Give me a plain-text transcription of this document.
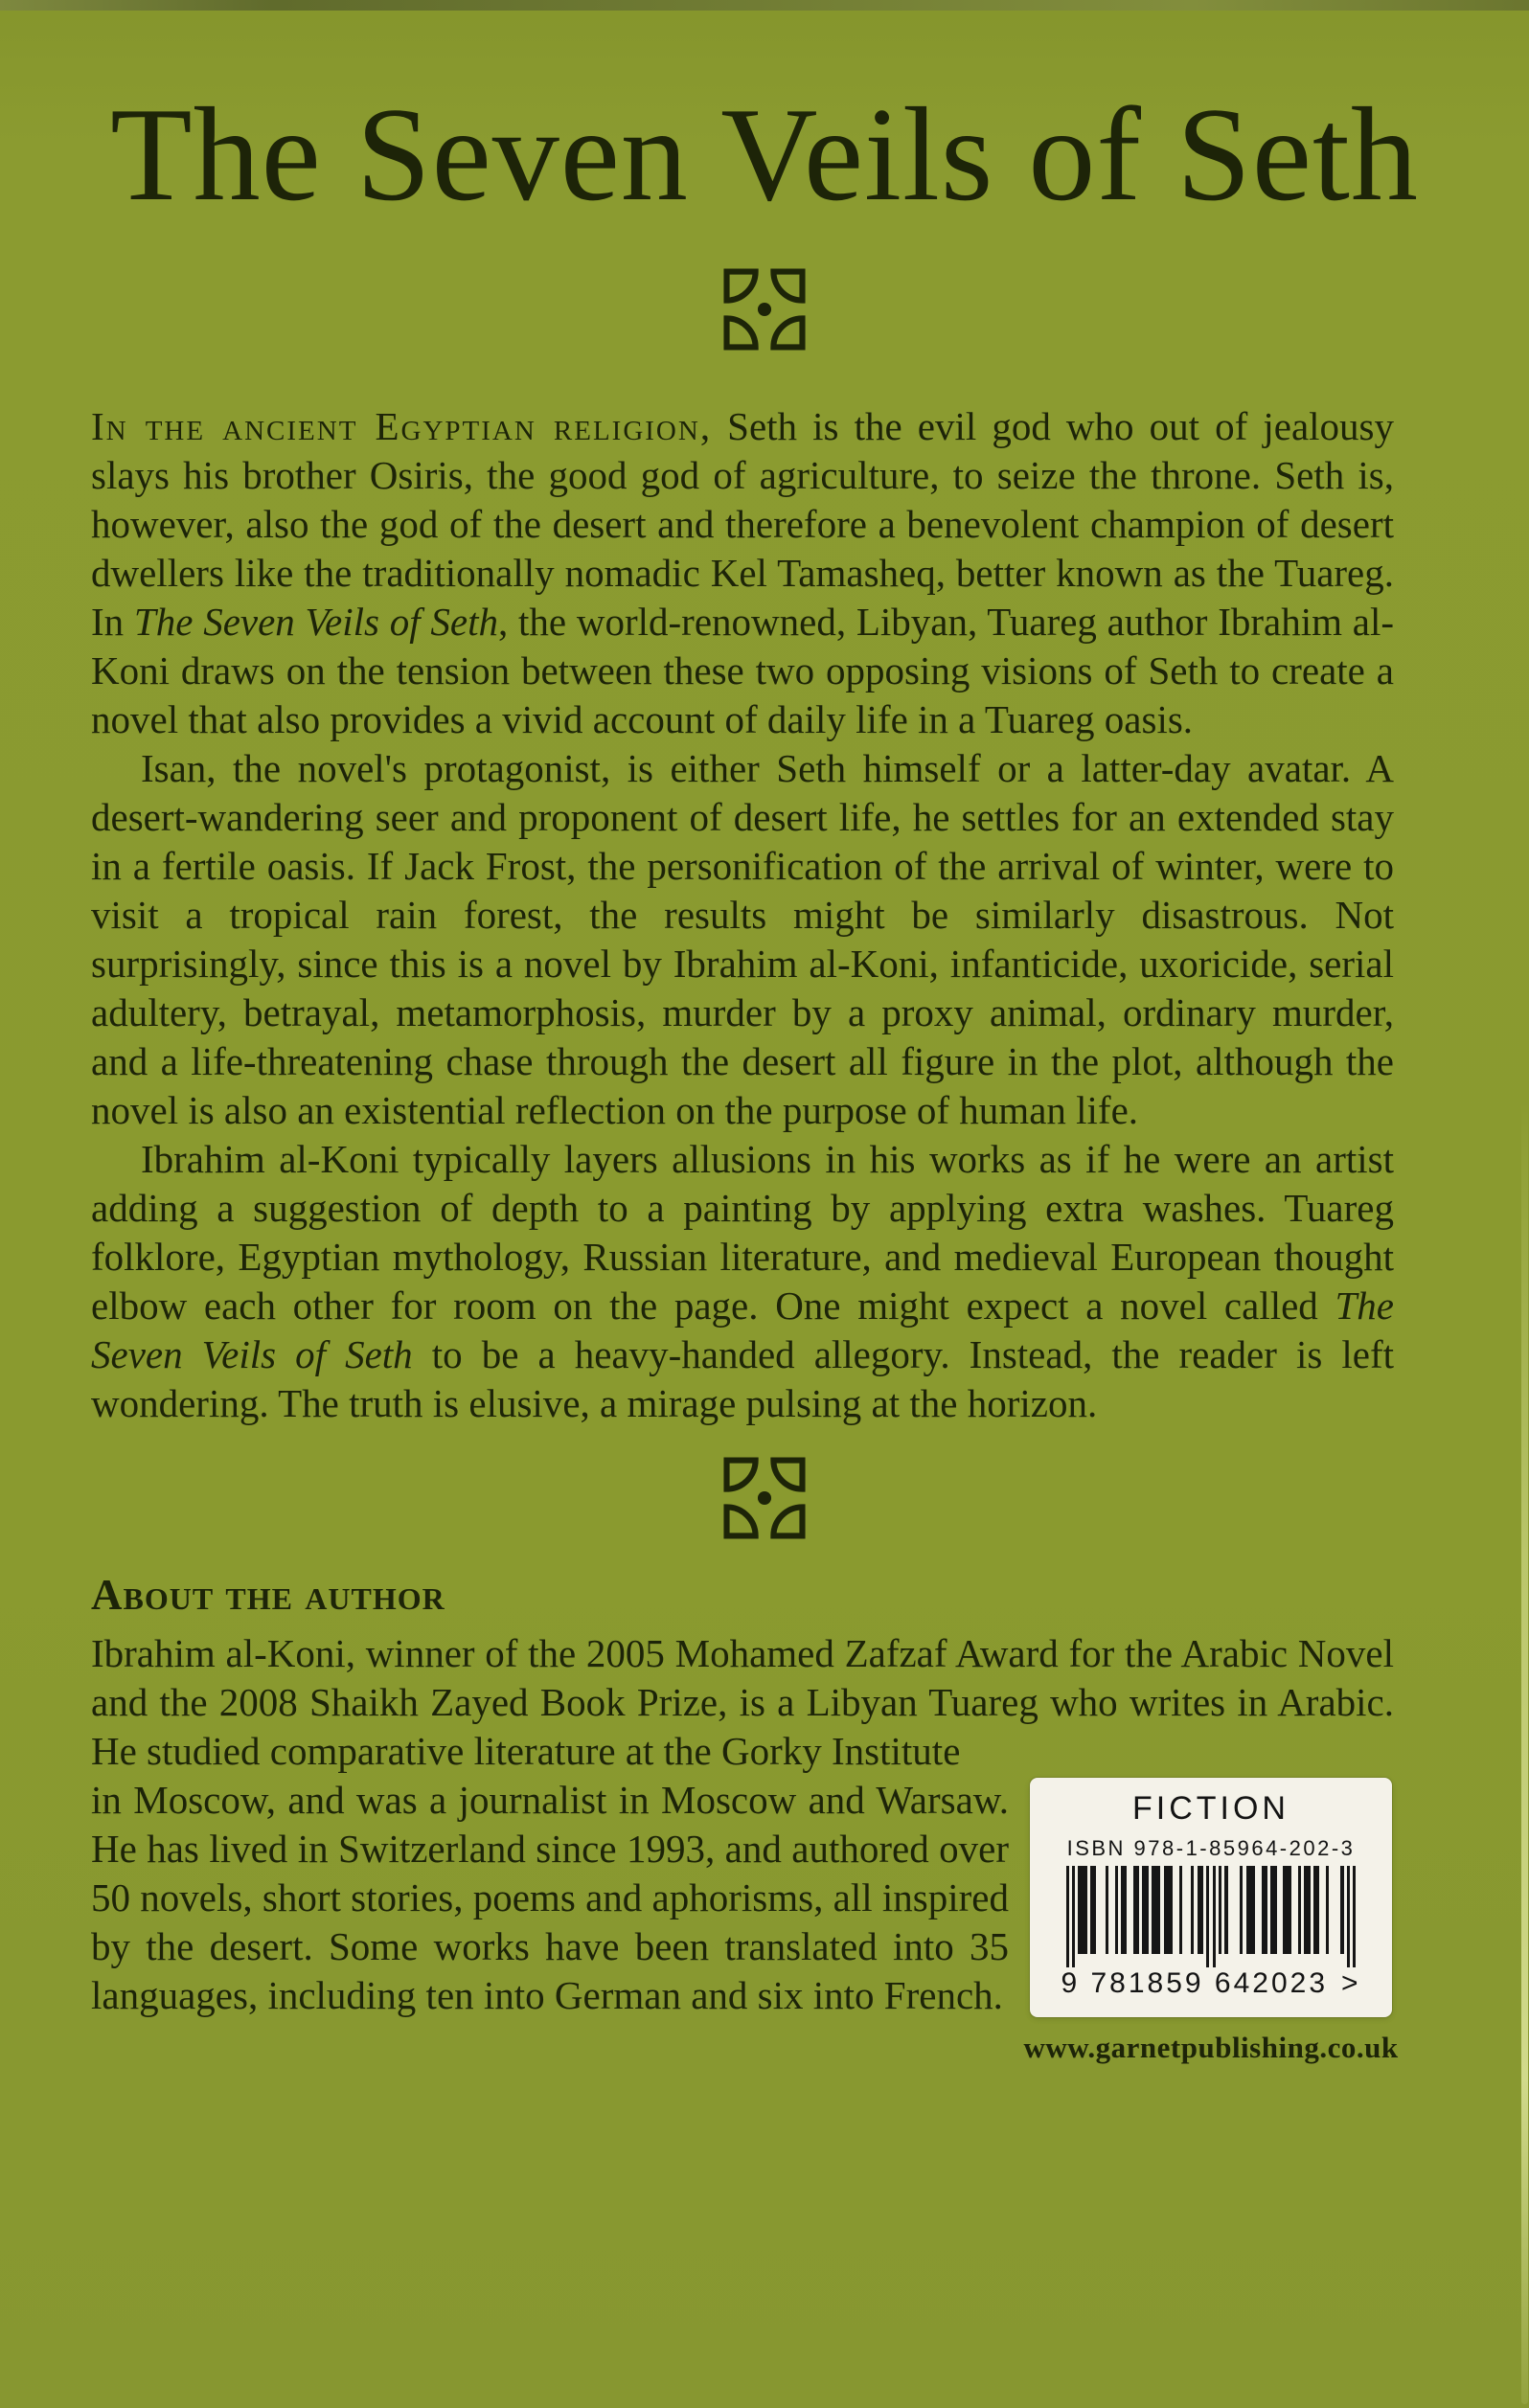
The Seven Veils of Seth

In the ancient Egyptian religion, Seth is the evil god who out of jealousy slays his brother Osiris, the good god of agriculture, to seize the throne. Seth is, however, also the god of the desert and therefore a benevolent champion of desert dwellers like the traditionally nomadic Kel Tamasheq, better known as the Tuareg. In The Seven Veils of Seth, the world-renowned, Libyan, Tuareg author Ibrahim al-Koni draws on the tension between these two opposing visions of Seth to create a novel that also provides a vivid account of daily life in a Tuareg oasis.

Isan, the novel's protagonist, is either Seth himself or a latter-day avatar. A desert-wandering seer and proponent of desert life, he settles for an extended stay in a fertile oasis. If Jack Frost, the personification of the arrival of winter, were to visit a tropical rain forest, the results might be similarly disastrous. Not surprisingly, since this is a novel by Ibrahim al-Koni, infanticide, uxoricide, serial adultery, betrayal, metamorphosis, murder by a proxy animal, ordinary murder, and a life-threatening chase through the desert all figure in the plot, although the novel is also an existential reflection on the purpose of human life.

Ibrahim al-Koni typically layers allusions in his works as if he were an artist adding a suggestion of depth to a painting by applying extra washes. Tuareg folklore, Egyptian mythology, Russian literature, and medieval European thought elbow each other for room on the page. One might expect a novel called The Seven Veils of Seth to be a heavy-handed allegory. Instead, the reader is left wondering. The truth is elusive, a mirage pulsing at the horizon.

About the author

Ibrahim al-Koni, winner of the 2005 Mohamed Zafzaf Award for the Arabic Novel and the 2008 Shaikh Zayed Book Prize, is a Libyan Tuareg who writes in Arabic. He studied comparative literature at the Gorky Institute

in Moscow, and was a journalist in Moscow and Warsaw. He has lived in Switzerland since 1993, and authored over 50 novels, short stories, poems and aphorisms, all inspired by the desert. Some works have been translated into 35 languages, including ten into German and six into French.

FICTION
ISBN 978-1-85964-202-3
9 781859 642023 >
www.garnetpublishing.co.uk
